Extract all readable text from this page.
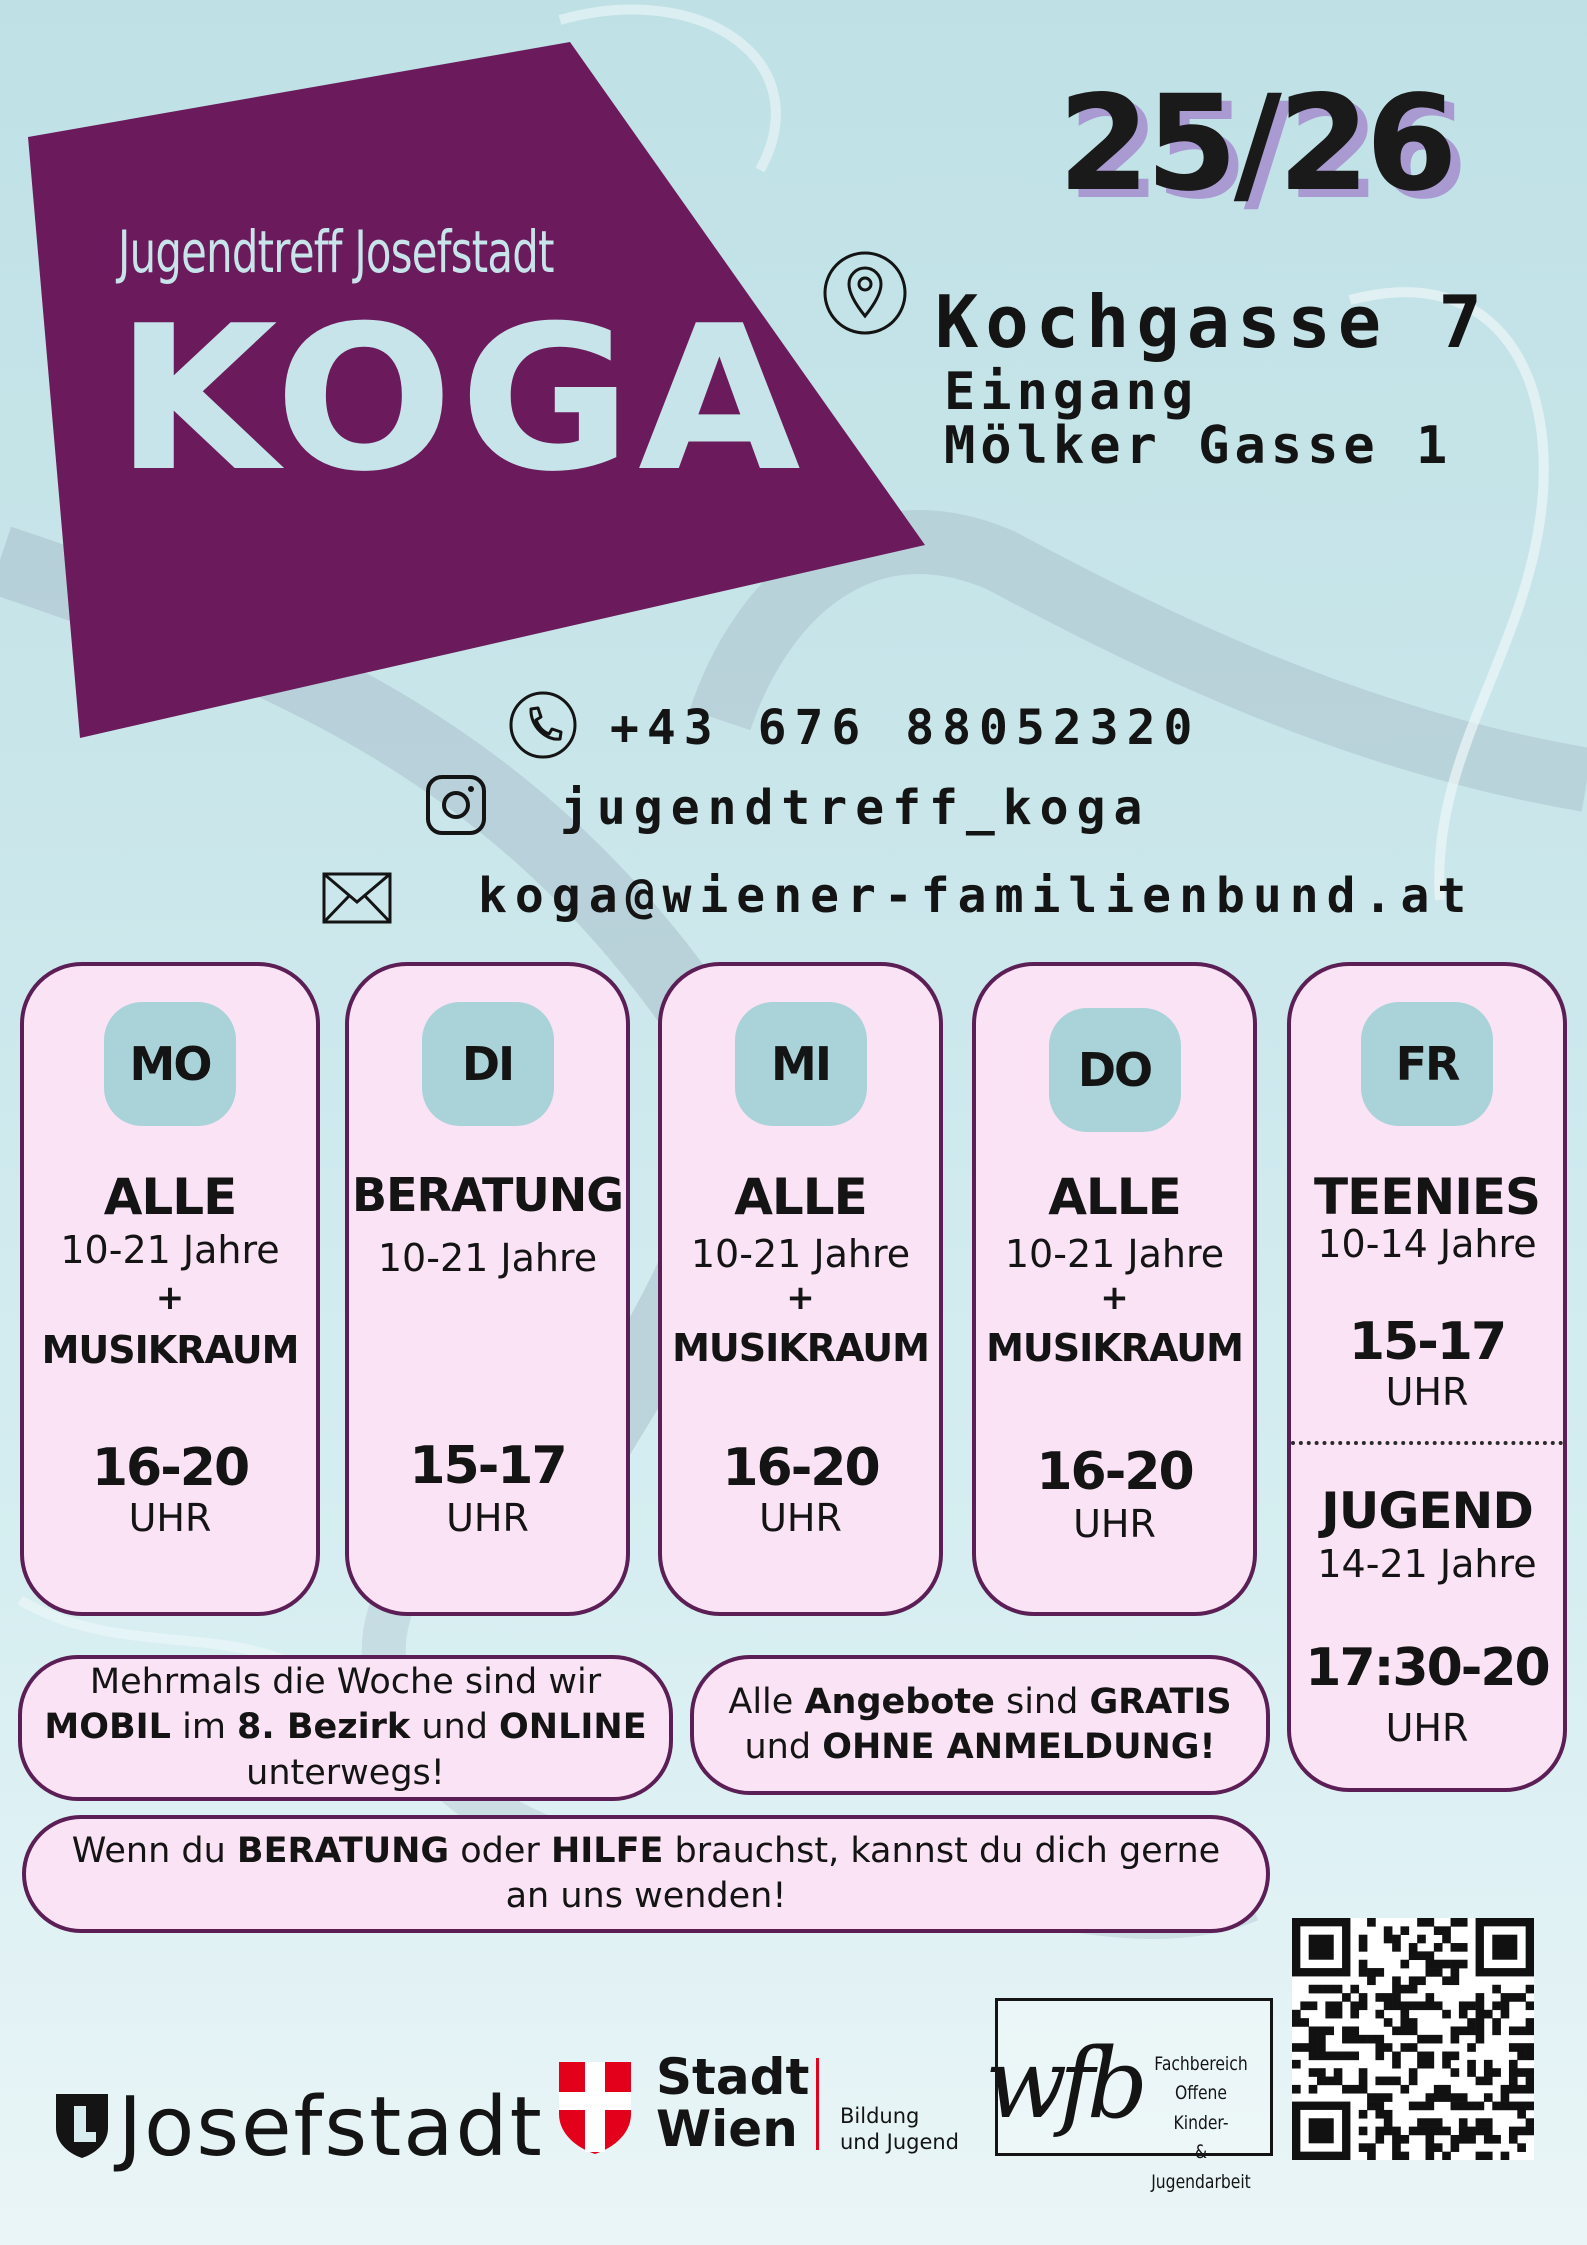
25/26
Jugendtreff Josefstadt
KOGA Kochgasse 7
Eingang
Mölker Gasse 1
+43 676 88052320
jugendtreff_koga
koga@wiener-familienbund.at
MO
ALLE
10-21 Jahre
+
MUSIKRAUM
16-20
UHR
DI
BERATUNG
10-21 Jahre
15-17
UHR
MI
ALLE
10-21 Jahre
+
MUSIKRAUM
16-20
UHR
DO
ALLE
10-21 Jahre
+
MUSIKRAUM
16-20
UHR
FR
TEENIES
10-14 Jahre
15-17
UHR
JUGEND
14-21 Jahre
17:30-20
UHR
Mehrmals die Woche sind wir
MOBIL im 8. Bezirk und ONLINE
unterwegs!
Alle Angebote sind GRATIS
und OHNE ANMELDUNG!
Wenn du BERATUNG oder HILFE brauchst, kannst du dich gerne
an uns wenden!
Josefstadt
Stadt
Wien Bildung
und Jugend
wfb Fachbereich
Offene Kinder-
& Jugendarbeit
